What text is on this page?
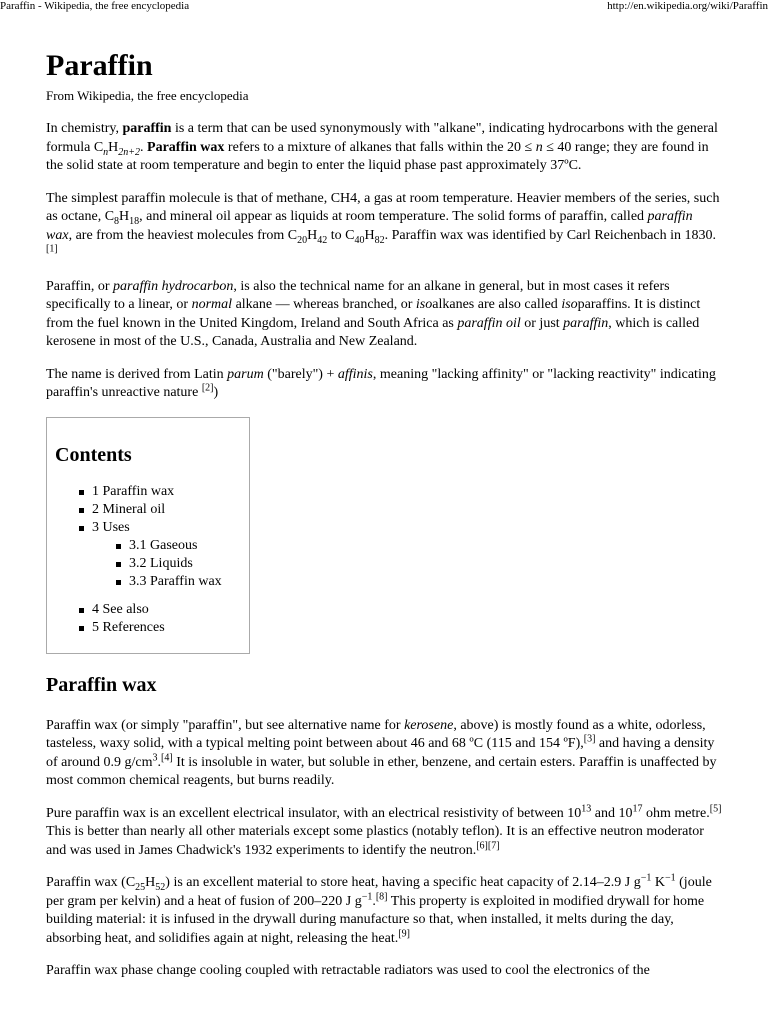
Paraffin - Wikipedia, the free encyclopedia	http://en.wikipedia.org/wiki/Paraffin
Paraffin
From Wikipedia, the free encyclopedia

In chemistry, paraffin is a term that can be used synonymously with "alkane", indicating hydrocarbons with the general formula $C_nH_{2n+2}$. Paraffin wax refers to a mixture of alkanes that falls within the 20 ≤ n ≤ 40 range; they are found in the solid state at room temperature and begin to enter the liquid phase past approximately 37ºC.

The simplest paraffin molecule is that of methane, CH4, a gas at room temperature. Heavier members of the series, such as octane, $C_8H_{18}$, and mineral oil appear as liquids at room temperature. The solid forms of paraffin, called paraffin wax, are from the heaviest molecules from $C_{20}H_{42}$ to $C_{40}H_{82}$. Paraffin wax was identified by Carl Reichenbach in 1830.[1]

Paraffin, or paraffin hydrocarbon, is also the technical name for an alkane in general, but in most cases it refers specifically to a linear, or normal alkane — whereas branched, or isoalkanes are also called isoparaffins. It is distinct from the fuel known in the United Kingdom, Ireland and South Africa as paraffin oil or just paraffin, which is called kerosene in most of the U.S., Canada, Australia and New Zealand.

The name is derived from Latin parum ("barely") + affinis, meaning "lacking affinity" or "lacking reactivity" indicating paraffin's unreactive nature [2])

Contents
1 Paraffin wax
2 Mineral oil
3 Uses
3.1 Gaseous
3.2 Liquids
3.3 Paraffin wax
4 See also
5 References
Paraffin wax

Paraffin wax (or simply "paraffin", but see alternative name for kerosene, above) is mostly found as a white, odorless, tasteless, waxy solid, with a typical melting point between about 46 and 68 ºC (115 and 154 ºF),[3] and having a density of around 0.9 $g/cm^3.[4]$ It is insoluble in water, but soluble in ether, benzene, and certain esters. Paraffin is unaffected by most common chemical reagents, but burns readily.

Pure paraffin wax is an excellent electrical insulator, with an electrical resistivity of between $10^{13}$ and $10^{17}$ ohm metre.[5] This is better than nearly all other materials except some plastics (notably teflon). It is an effective neutron moderator and was used in James Chadwick's 1932 experiments to identify the neutron.[6][7]

Paraffin wax $(C_{25}H_{52})$ is an excellent material to store heat, having a specific heat capacity of 2.14–2.9 J $g^{-1}$ $K^{-1}$ (joule per gram per kelvin) and a heat of fusion of 200–220 J $g^{-1}.[8]$ This property is exploited in modified drywall for home building material: it is infused in the drywall during manufacture so that, when installed, it melts during the day, absorbing heat, and solidifies again at night, releasing the heat.[9]

Paraffin wax phase change cooling coupled with retractable radiators was used to cool the electronics of the
